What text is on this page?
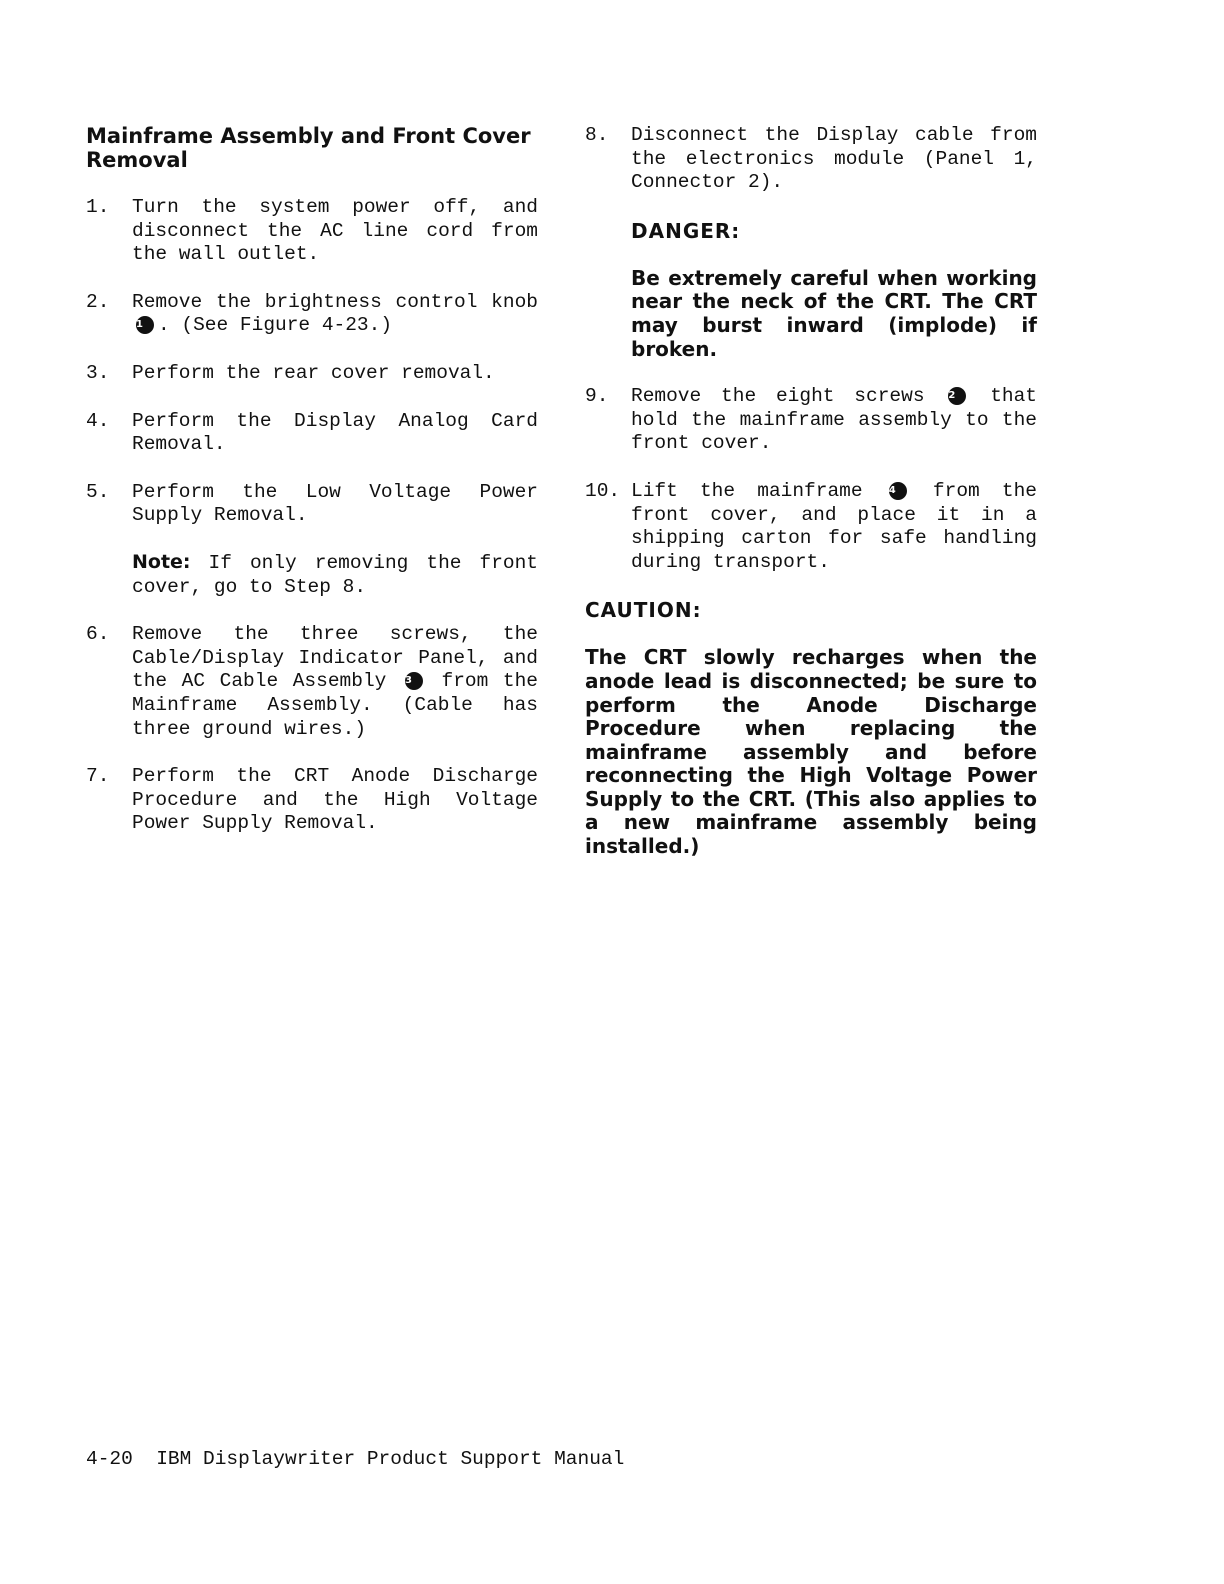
Mainframe Assembly and Front Cover Removal
1.	Turn the system power off, and disconnect the AC line cord from the wall outlet.
2.	Remove the brightness control knob 1 . (See Figure 4-23.)
3.	Perform the rear cover removal.
4.	Perform the Display Analog Card Removal.
5.	Perform the Low Voltage Power Supply Removal.
Note: If only removing the front cover, go to Step 8.
6.	Remove the three screws, the Cable/Display Indicator Panel, and the AC Cable Assembly 3 from the Mainframe Assembly. (Cable has three ground wires.)
7.	Perform the CRT Anode Discharge Procedure and the High Voltage Power Supply Removal.
8.	Disconnect the Display cable from the electronics module (Panel 1, Connector 2).
DANGER:
Be extremely careful when working near the neck of the CRT. The CRT may burst inward (implode) if broken.
9.	Remove the eight screws 2 that hold the mainframe assembly to the front cover.
10. Lift the mainframe	4 from the front cover, and place it in a shipping carton for safe handling during transport.
CAUTION:

The CRT slowly recharges when the anode lead is disconnected; be sure to perform the Anode Discharge Procedure when replacing the mainframe assembly and before reconnecting the High Voltage Power Supply to the CRT. (This also applies to a new mainframe assembly being installed.)

4-20 IBM Displaywriter Product Support Manual
